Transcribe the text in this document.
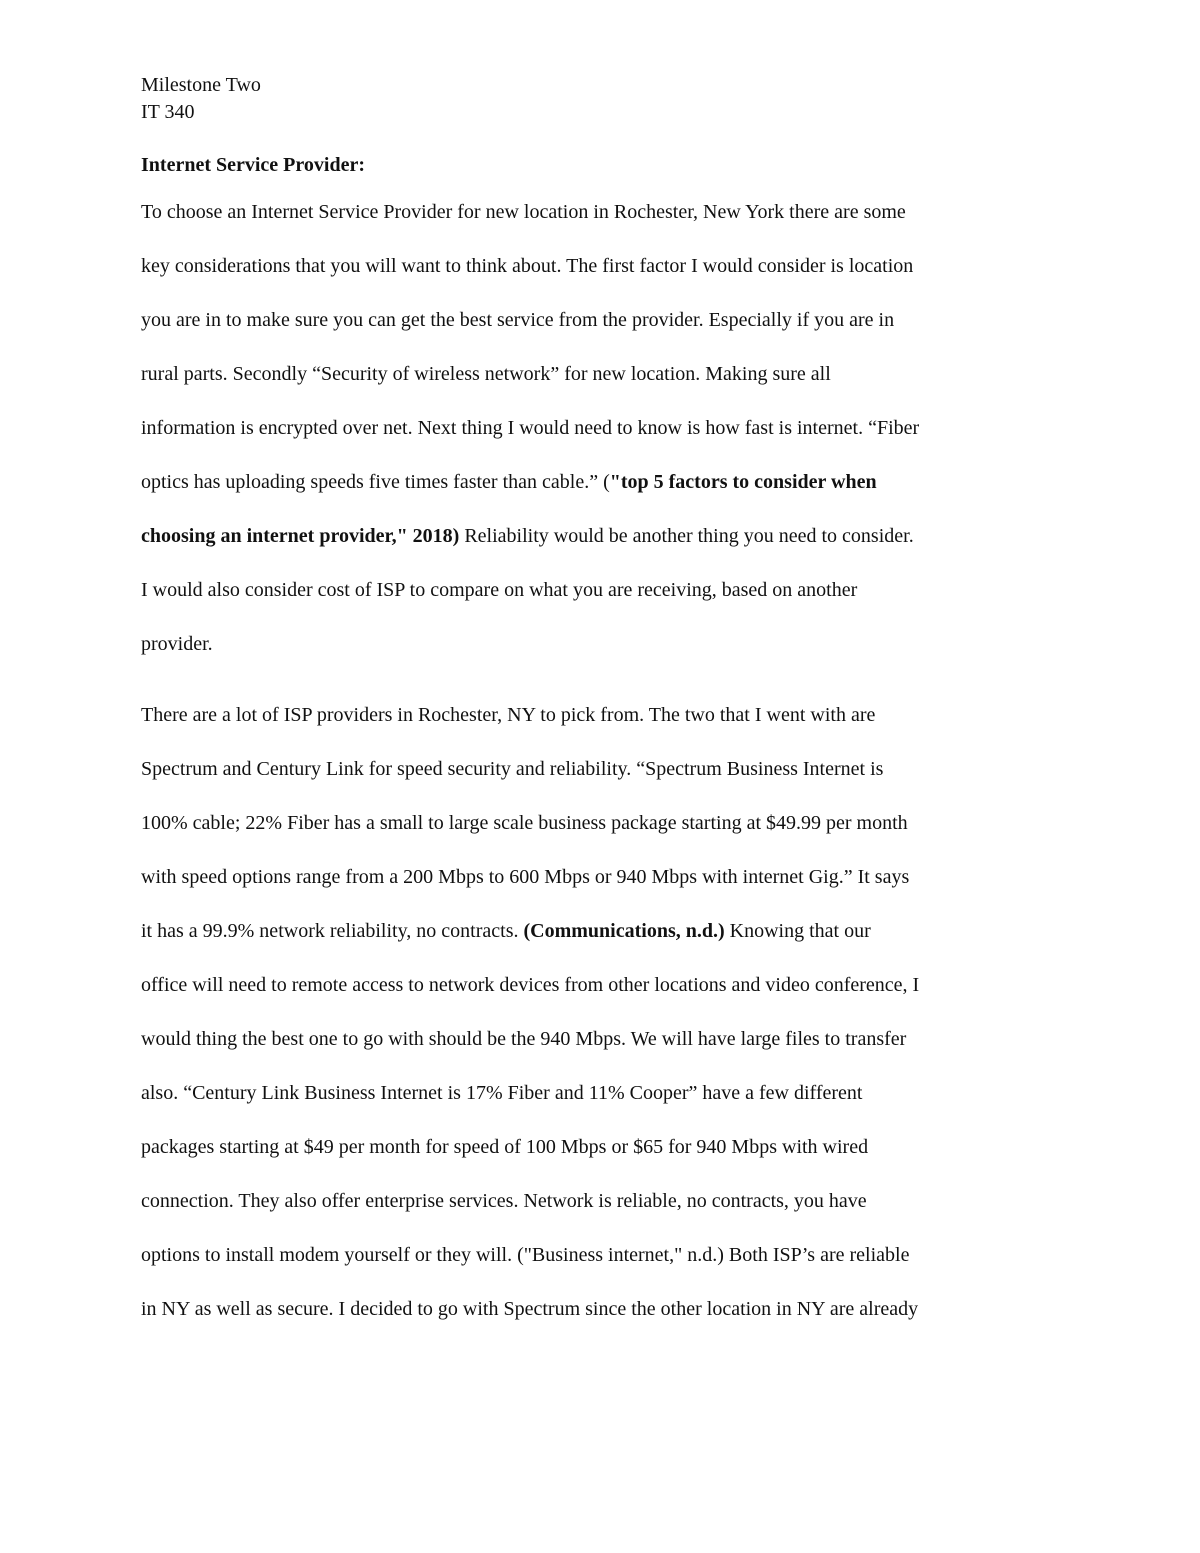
Milestone Two

IT 340

Internet Service Provider:

To choose an Internet Service Provider for new location in Rochester, New York there are some
key considerations that you will want to think about. The first factor I would consider is location
you are in to make sure you can get the best service from the provider. Especially if you are in
rural parts. Secondly “Security of wireless network” for new location. Making sure all
information is encrypted over net. Next thing I would need to know is how fast is internet. “Fiber
optics has uploading speeds five times faster than cable.” ("top 5 factors to consider when
choosing an internet provider," 2018) Reliability would be another thing you need to consider.
I would also consider cost of ISP to compare on what you are receiving, based on another
provider.
There are a lot of ISP providers in Rochester, NY to pick from. The two that I went with are
Spectrum and Century Link for speed security and reliability. “Spectrum Business Internet is
100% cable; 22% Fiber has a small to large scale business package starting at $49.99 per month
with speed options range from a 200 Mbps to 600 Mbps or 940 Mbps with internet Gig.” It says
it has a 99.9% network reliability, no contracts. (Communications, n.d.) Knowing that our
office will need to remote access to network devices from other locations and video conference, I
would thing the best one to go with should be the 940 Mbps. We will have large files to transfer
also. “Century Link Business Internet is 17% Fiber and 11% Cooper” have a few different
packages starting at $49 per month for speed of 100 Mbps or $65 for 940 Mbps with wired
connection. They also offer enterprise services. Network is reliable, no contracts, you have
options to install modem yourself or they will. ("Business internet," n.d.) Both ISP’s are reliable
in NY as well as secure. I decided to go with Spectrum since the other location in NY are already
